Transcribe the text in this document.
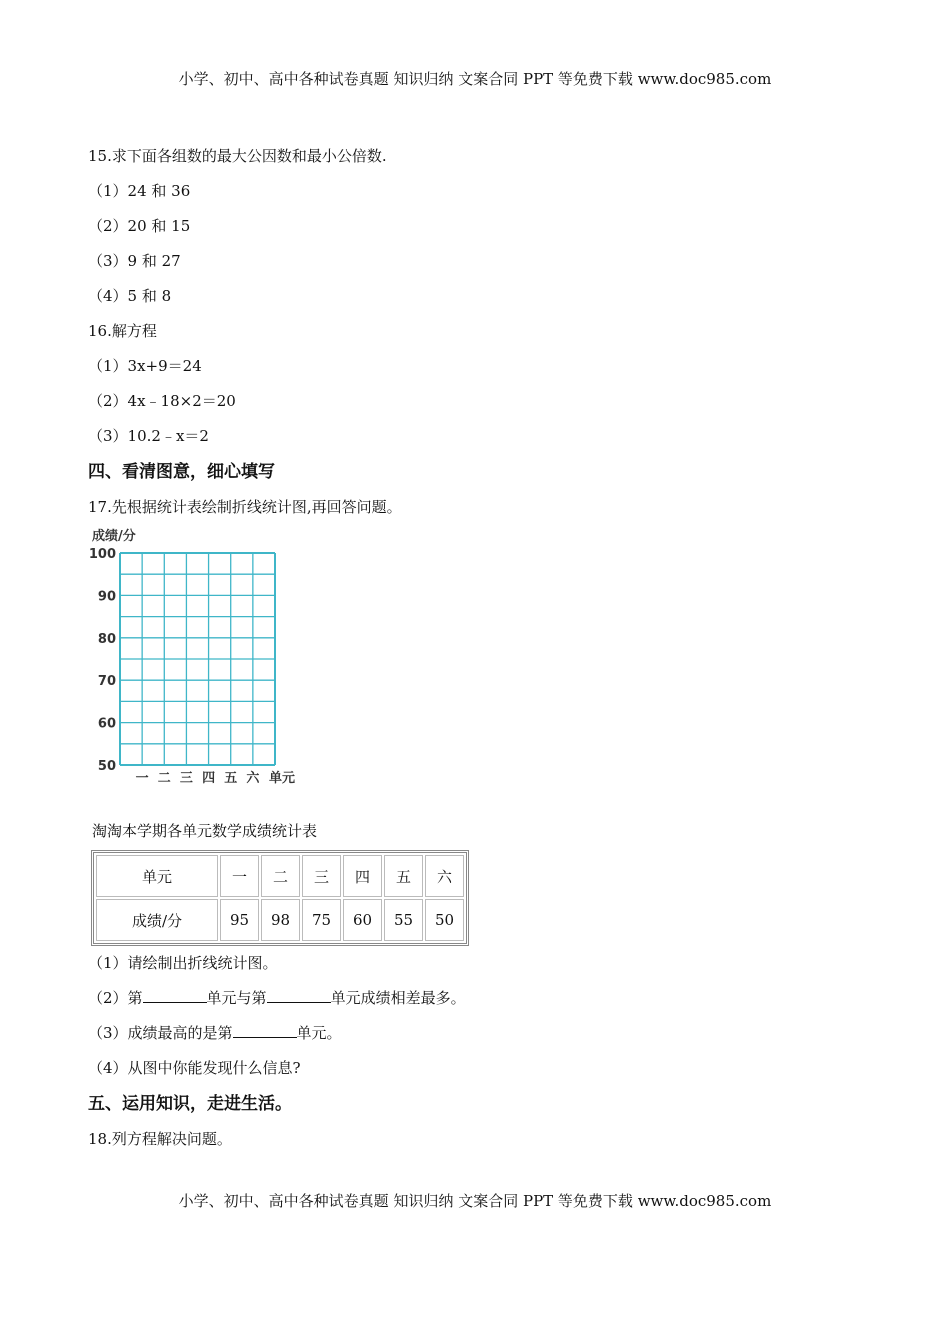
小学、初中、高中各种试卷真题 知识归纳 文案合同 PPT 等免费下载 www.doc985.com
15.求下面各组数的最大公因数和最小公倍数.
（1）24 和 36
（2）20 和 15
（3）9 和 27
（4）5 和 8
16.解方程
（1）3x+9＝24
（2）4x﹣18×2＝20
（3）10.2﹣x＝2
四、看清图意，细心填写
17.先根据统计表绘制折线统计图,再回答问题。
成绩/分
100
90
80
70
60
50
一 二 三 四 五 六 单元
淘淘本学期各单元数学成绩统计表
单元	一	二	三	四	五	六
成绩/分	95	98	75	60	55	50
（1）请绘制出折线统计图。
（2）第	单元与第	单元成绩相差最多。
（3）成绩最高的是第	单元。
（4）从图中你能发现什么信息?
五、运用知识，走进生活。
18.列方程解决问题。
小学、初中、高中各种试卷真题 知识归纳 文案合同 PPT 等免费下载 www.doc985.com
